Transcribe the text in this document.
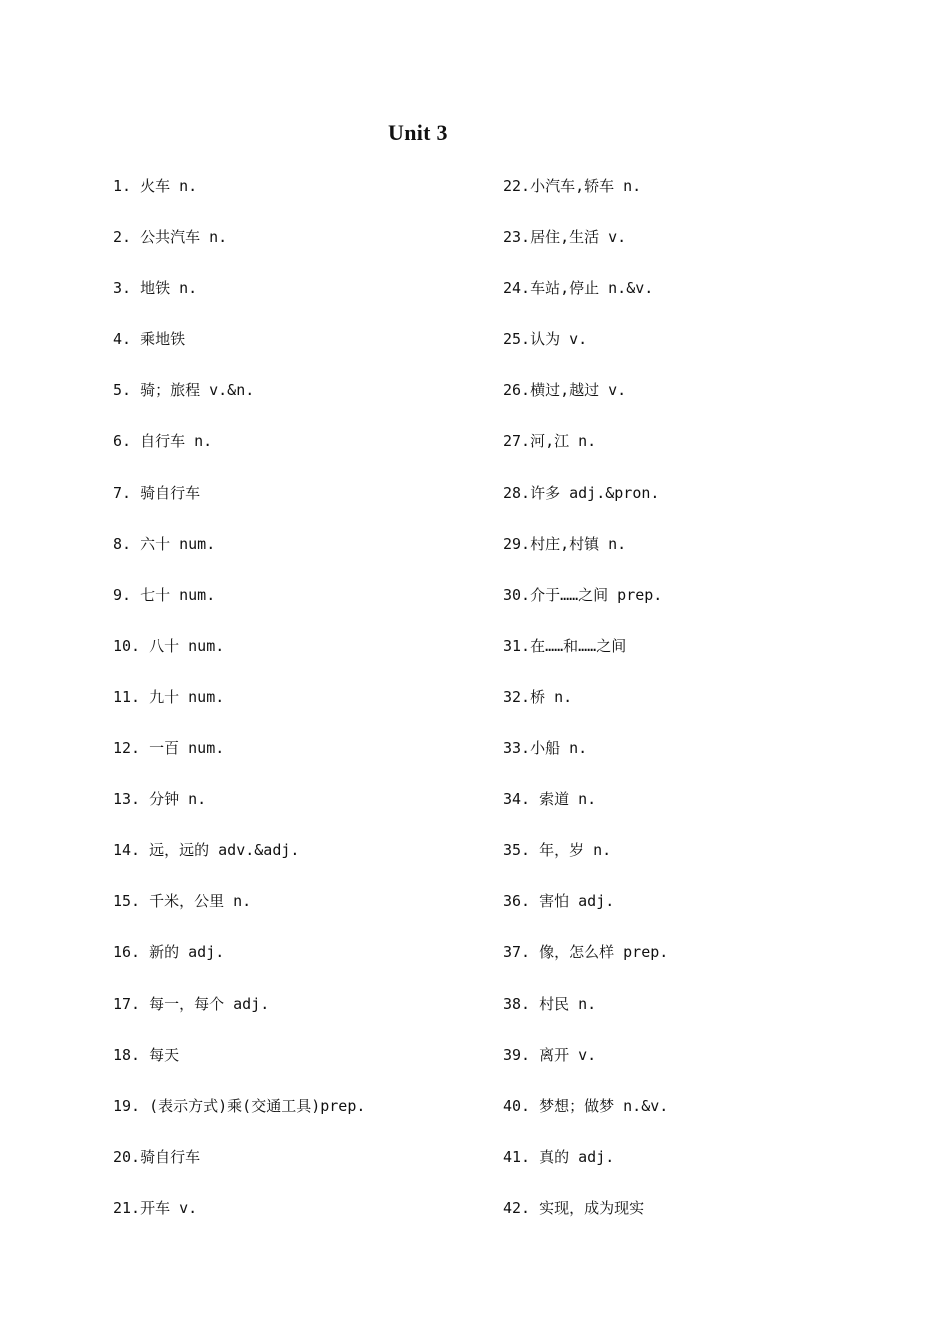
Unit 3
1. 火车 n.
2. 公共汽车 n.
3. 地铁 n.
4. 乘地铁
5. 骑；旅程 v.&n.
6. 自行车 n.
7. 骑自行车
8. 六十 num.
9. 七十 num.
10. 八十 num.
11. 九十 num.
12. 一百 num.
13. 分钟 n.
14. 远，远的 adv.&adj.
15. 千米，公里 n.
16. 新的 adj.
17. 每一，每个 adj.
18. 每天
19. (表示方式)乘(交通工具)prep.
20.骑自行车
21.开车 v.
22.小汽车,轿车 n.
23.居住,生活 v.
24.车站,停止 n.&v.
25.认为 v.
26.横过,越过 v.
27.河,江 n.
28.许多 adj.&pron.
29.村庄,村镇 n.
30.介于……之间 prep.
31.在……和……之间
32.桥 n.
33.小船 n.
34. 索道 n.
35. 年，岁 n.
36. 害怕 adj.
37. 像，怎么样 prep.
38. 村民 n.
39. 离开 v.
40. 梦想；做梦 n.&v.
41. 真的 adj.
42. 实现，成为现实
